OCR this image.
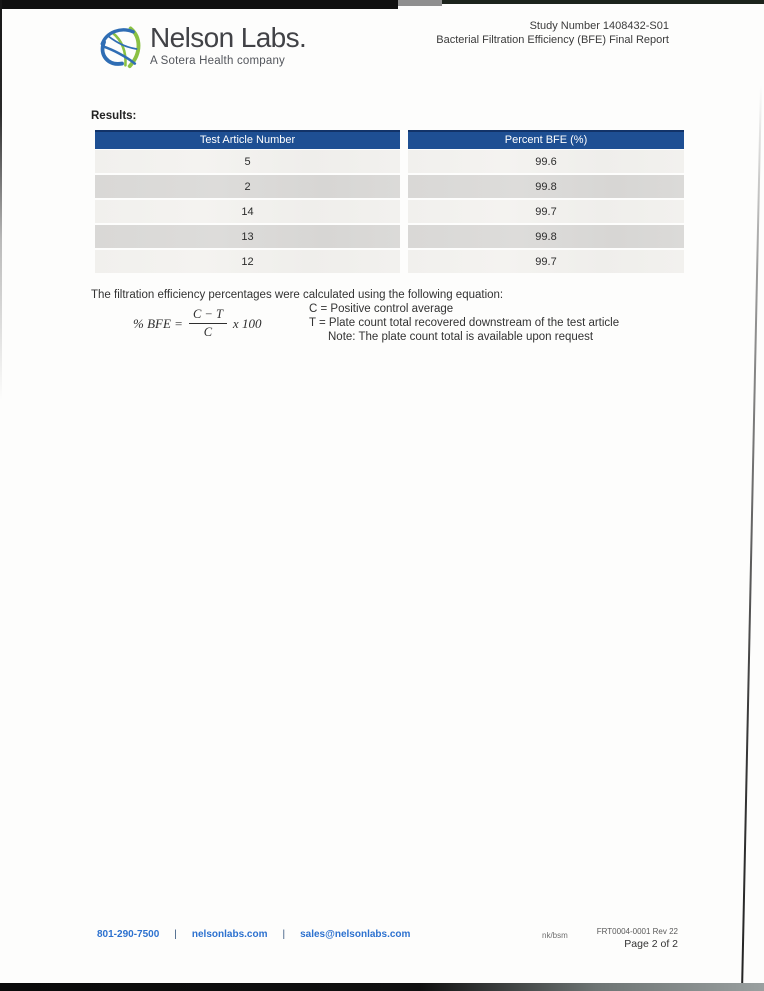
Nelson Labs.
A Sotera Health company
Study Number 1408432-S01
Bacterial Filtration Efficiency (BFE) Final Report
Results:
Test Article Number	Percent BFE (%)
5	99.6
2	99.8
14	99.7
13	99.8
12	99.7
The filtration efficiency percentages were calculated using the following equation:
% BFE = $\frac{C - T}{C}$ x 100
C = Positive control average
T = Plate count total recovered downstream of the test article
Note: The plate count total is available upon request
801-290-7500 | nelsonlabs.com | sales@nelsonlabs.com	nk/bsm	FRT0004-0001 Rev 22
Page 2 of 2
